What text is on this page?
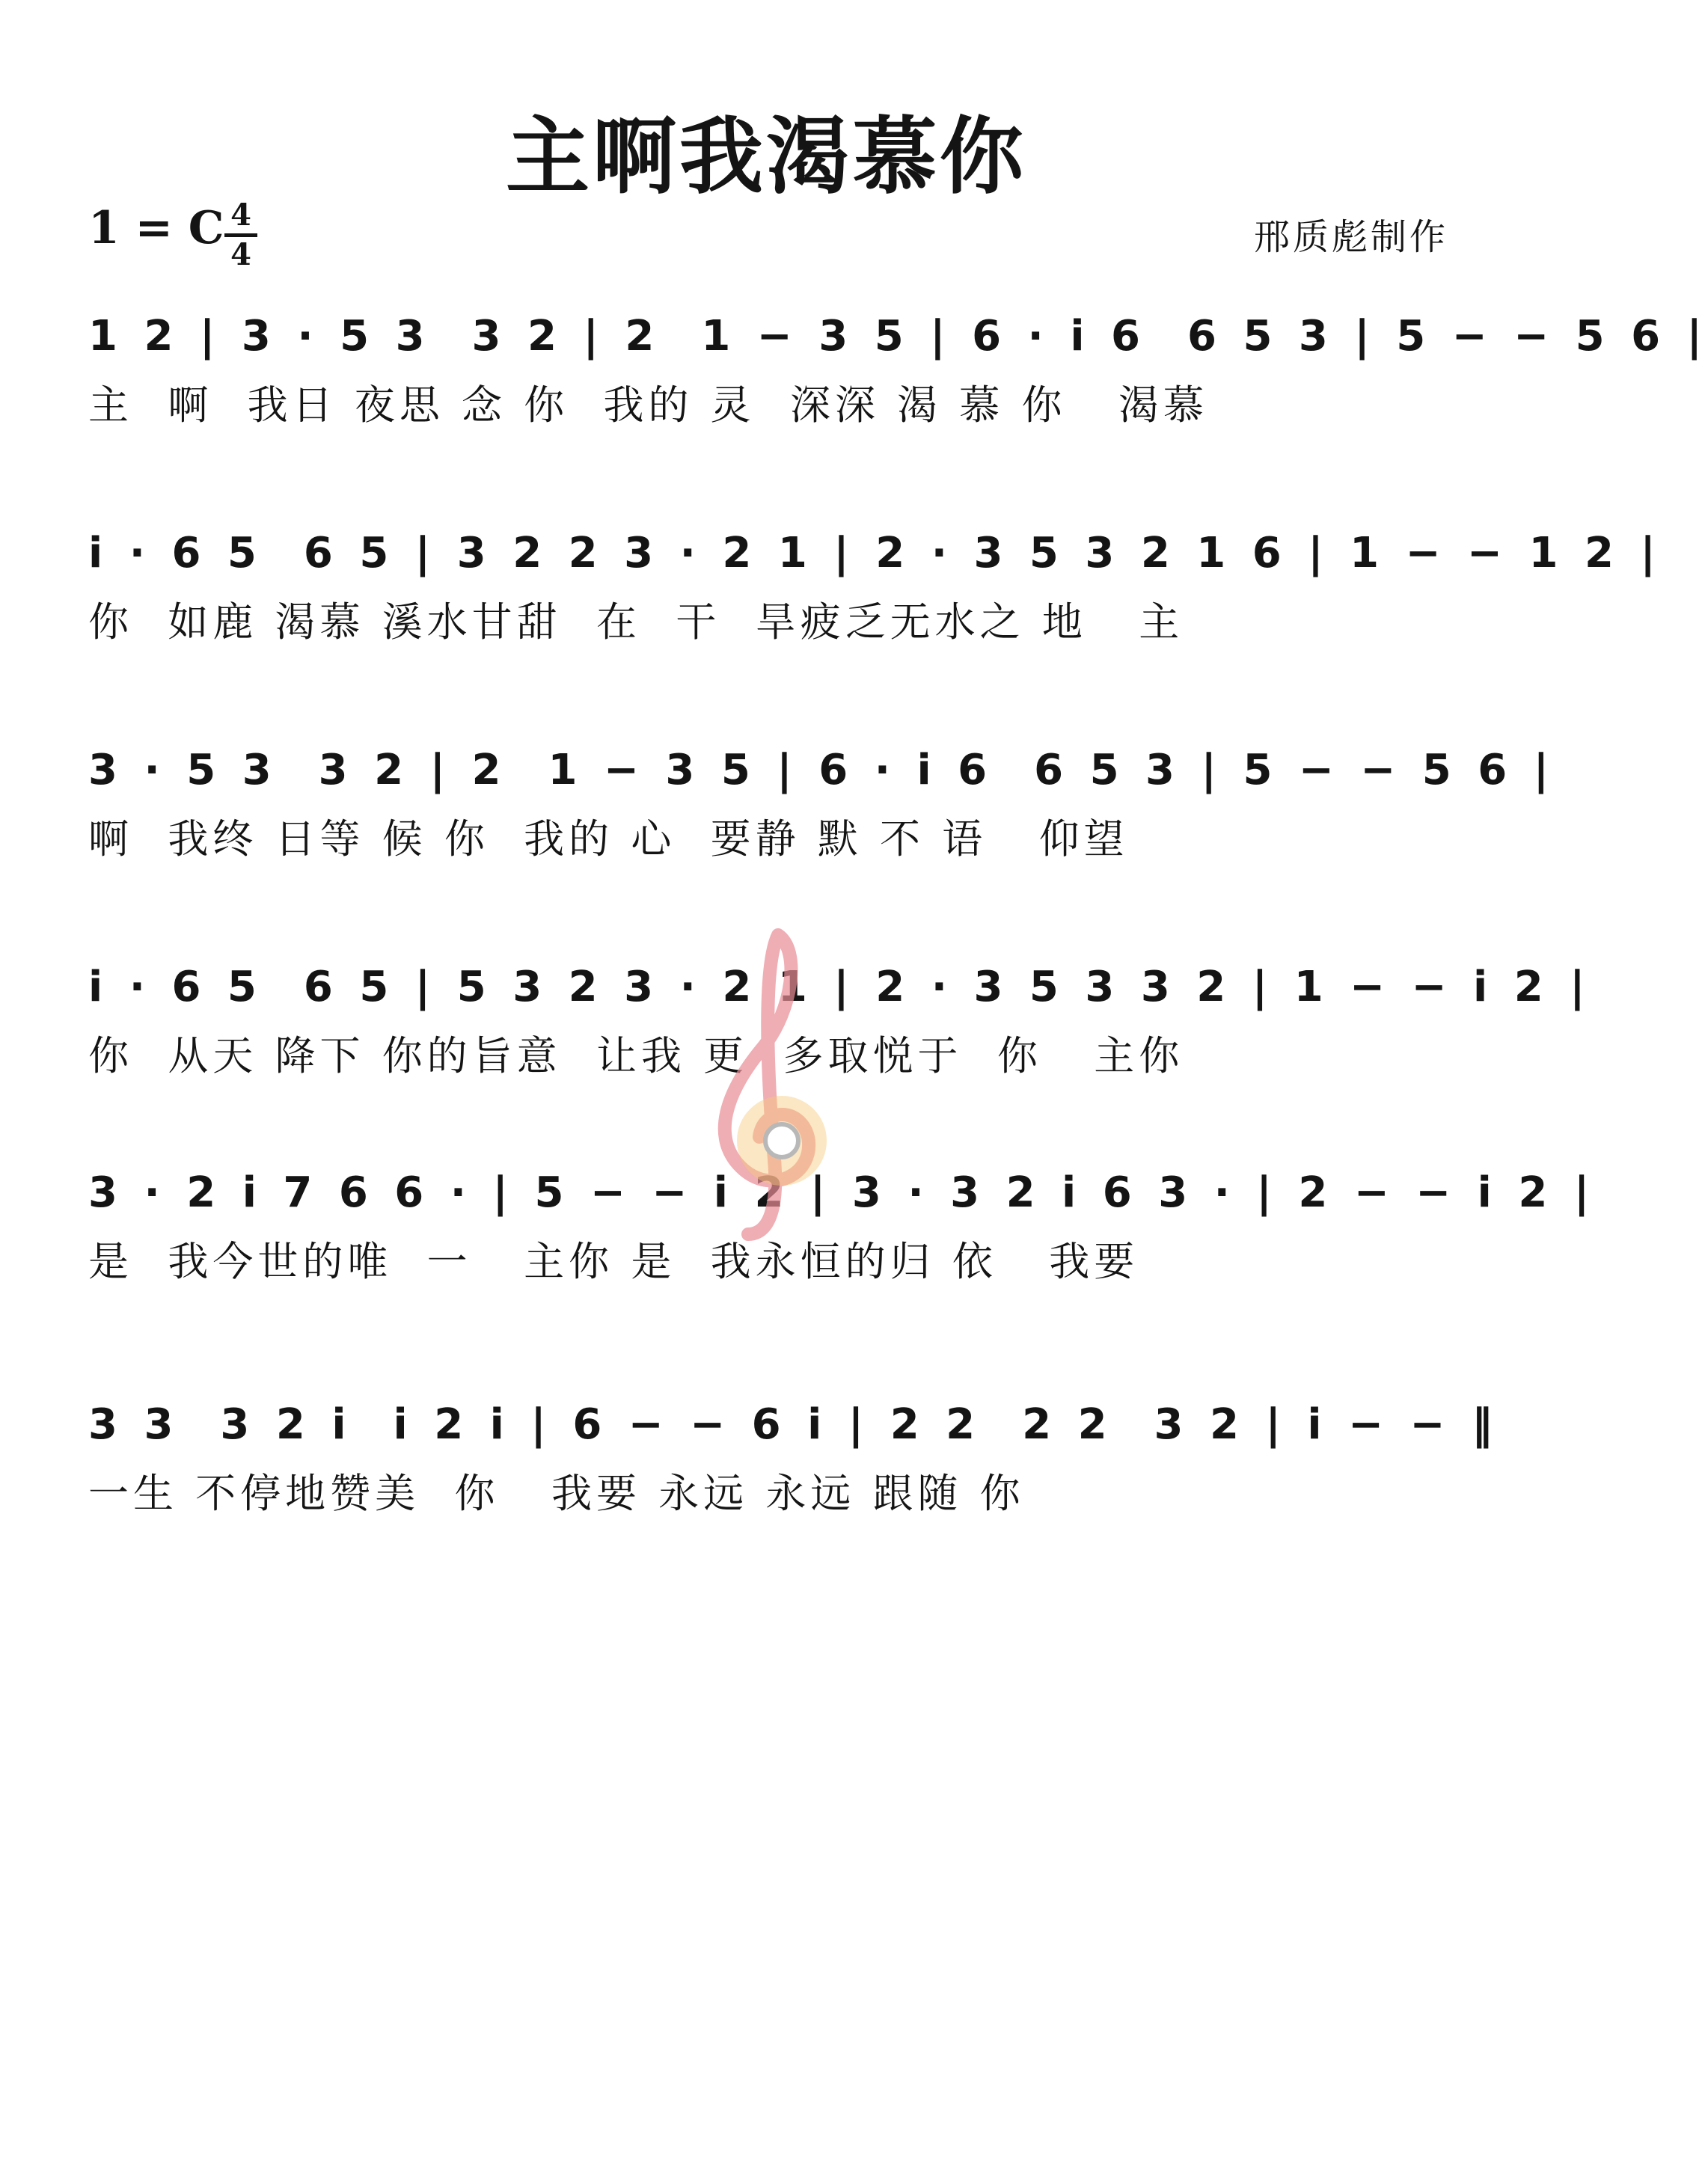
主啊我渴慕你
1 = C 4
4	邢质彪制作
1 2 | 3 · 5 3  3 2 | 2  1 − 3 5 | 6 · i 6  6 5 3 | 5 − − 5 6 |
主  啊  我日 夜思 念 你  我的 灵  深深 渴 慕 你   渴慕
i · 6 5  6 5 | 3 2 2 3 · 2 1 | 2 · 3 5 3 2 1 6 | 1 − − 1 2 |
你  如鹿 渴慕 溪水甘甜  在  干  旱疲乏无水之 地   主
3 · 5 3  3 2 | 2  1 − 3 5 | 6 · i 6  6 5 3 | 5 − − 5 6 |
啊  我终 日等 候 你  我的 心  要静 默 不 语   仰望
i · 6 5  6 5 | 5 3 2 3 · 2 1 | 2 · 3 5 3 3 2 | 1 − − i 2 |
你  从天 降下 你的旨意  让我 更  多取悦于  你   主你
3 · 2 i 7 6 6 · | 5 − − i 2 | 3 · 3 2 i 6 3 · | 2 − − i 2 |
是  我今世的唯  一   主你 是  我永恒的归 依   我要
3 3  3 2 i  i 2 i | 6 − − 6 i | 2 2  2 2  3 2 | i − − ‖
一生 不停地赞美  你   我要 永远 永远 跟随 你
